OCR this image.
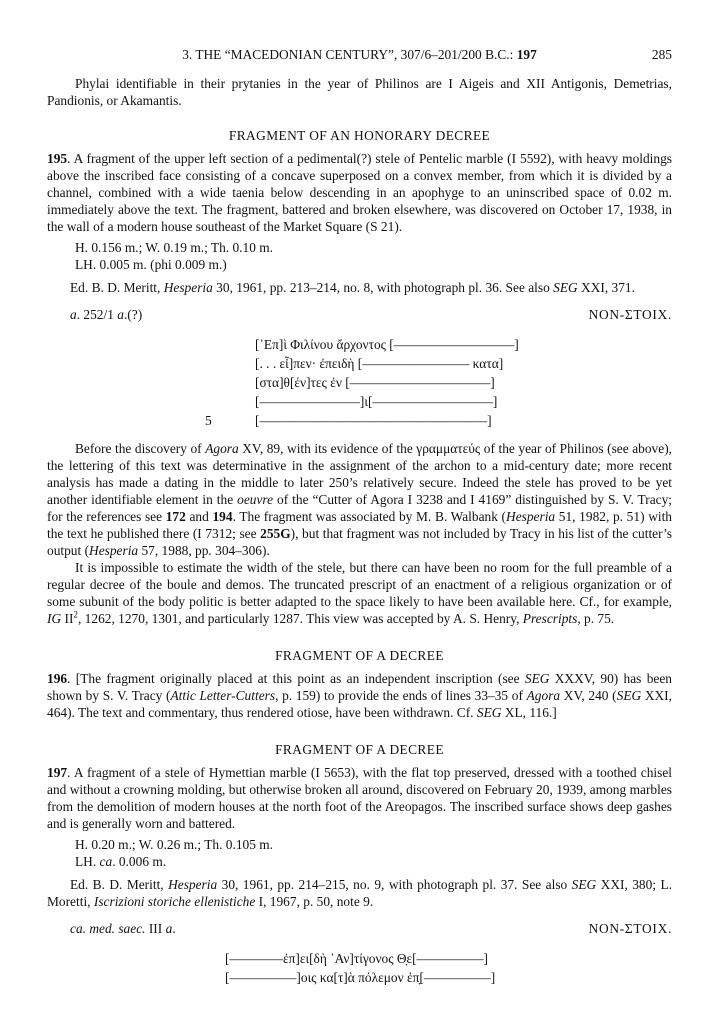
3. THE “MACEDONIAN CENTURY”, 307/6–201/200 B.C.: 197	285

Phylai identifiable in their prytanies in the year of Philinos are I Aigeis and XII Antigonis, Demetrias, Pandionis, or Akamantis.

FRAGMENT OF AN HONORARY DECREE

195. A fragment of the upper left section of a pedimental(?) stele of Pentelic marble (I 5592), with heavy moldings above the inscribed face consisting of a concave superposed on a convex member, from which it is divided by a channel, combined with a wide taenia below descending in an apophyge to an uninscribed space of 0.02 m. immediately above the text. The fragment, battered and broken elsewhere, was discovered on October 17, 1938, in the wall of a modern house southeast of the Market Square (S 21).

H. 0.156 m.; W. 0.19 m.; Th. 0.10 m.
LH. 0.005 m. (phi 0.009 m.)

Ed. B. D. Meritt, Hesperia 30, 1961, pp. 213–214, no. 8, with photograph pl. 36. See also SEG XXI, 371.

a. 252/1 a.(?)	NON-ΣΤΟΙΧ.
[᾿Επ]ὶ Φιλίνου ἄρχοντος [––––––––––––––––––]
[. . . εἶ]πεν· ἐπειδὴ [–––––––––––––––– κατα]
[στα]θ[έν]τες ἐν [–––––––––––––––––––––]
[–––––––––––––––]ι[––––––––––––––––––]
5	[––––––––––––––––––––––––––––––––––]

Before the discovery of Agora XV, 89, with its evidence of the γραμματεύς of the year of Philinos (see above), the lettering of this text was determinative in the assignment of the archon to a mid-century date; more recent analysis has made a dating in the middle to later 250’s relatively secure. Indeed the stele has proved to be yet another identifiable element in the oeuvre of the “Cutter of Agora I 3238 and I 4169” distinguished by S. V. Tracy; for the references see 172 and 194. The fragment was associated by M. B. Walbank (Hesperia 51, 1982, p. 51) with the text he published there (I 7312; see 255G), but that fragment was not included by Tracy in his list of the cutter’s output (Hesperia 57, 1988, pp. 304–306).

It is impossible to estimate the width of the stele, but there can have been no room for the full preamble of a regular decree of the boule and demos. The truncated prescript of an enactment of a religious organization or of some subunit of the body politic is better adapted to the space likely to have been available here. Cf., for example, IG $II^2$, 1262, 1270, 1301, and particularly 1287. This view was accepted by A. S. Henry, Prescripts, p. 75.

FRAGMENT OF A DECREE

196. [The fragment originally placed at this point as an independent inscription (see SEG XXXV, 90) has been shown by S. V. Tracy (Attic Letter-Cutters, p. 159) to provide the ends of lines 33–35 of Agora XV, 240 (SEG XXI, 464). The text and commentary, thus rendered otiose, have been withdrawn. Cf. SEG XL, 116.]

FRAGMENT OF A DECREE

197. A fragment of a stele of Hymettian marble (I 5653), with the flat top preserved, dressed with a toothed chisel and without a crowning molding, but otherwise broken all around, discovered on February 20, 1939, among marbles from the demolition of modern houses at the north foot of the Areopagos. The inscribed surface shows deep gashes and is generally worn and battered.

H. 0.20 m.; W. 0.26 m.; Th. 0.105 m.
LH. ca. 0.006 m.

Ed. B. D. Meritt, Hesperia 30, 1961, pp. 214–215, no. 9, with photograph pl. 37. See also SEG XXI, 380; L. Moretti, Iscrizioni storiche ellenistiche I, 1967, p. 50, note 9.

ca. med. saec. III a.	NON-ΣΤΟΙΧ.
[––––––––ἐπ]ει[δὴ ᾿Αν]τίγονος Θ̣ε[––––––––––]
[––––––––––]οις κα[τ]ὰ πόλεμον ἐπ̣[––––––––––]
